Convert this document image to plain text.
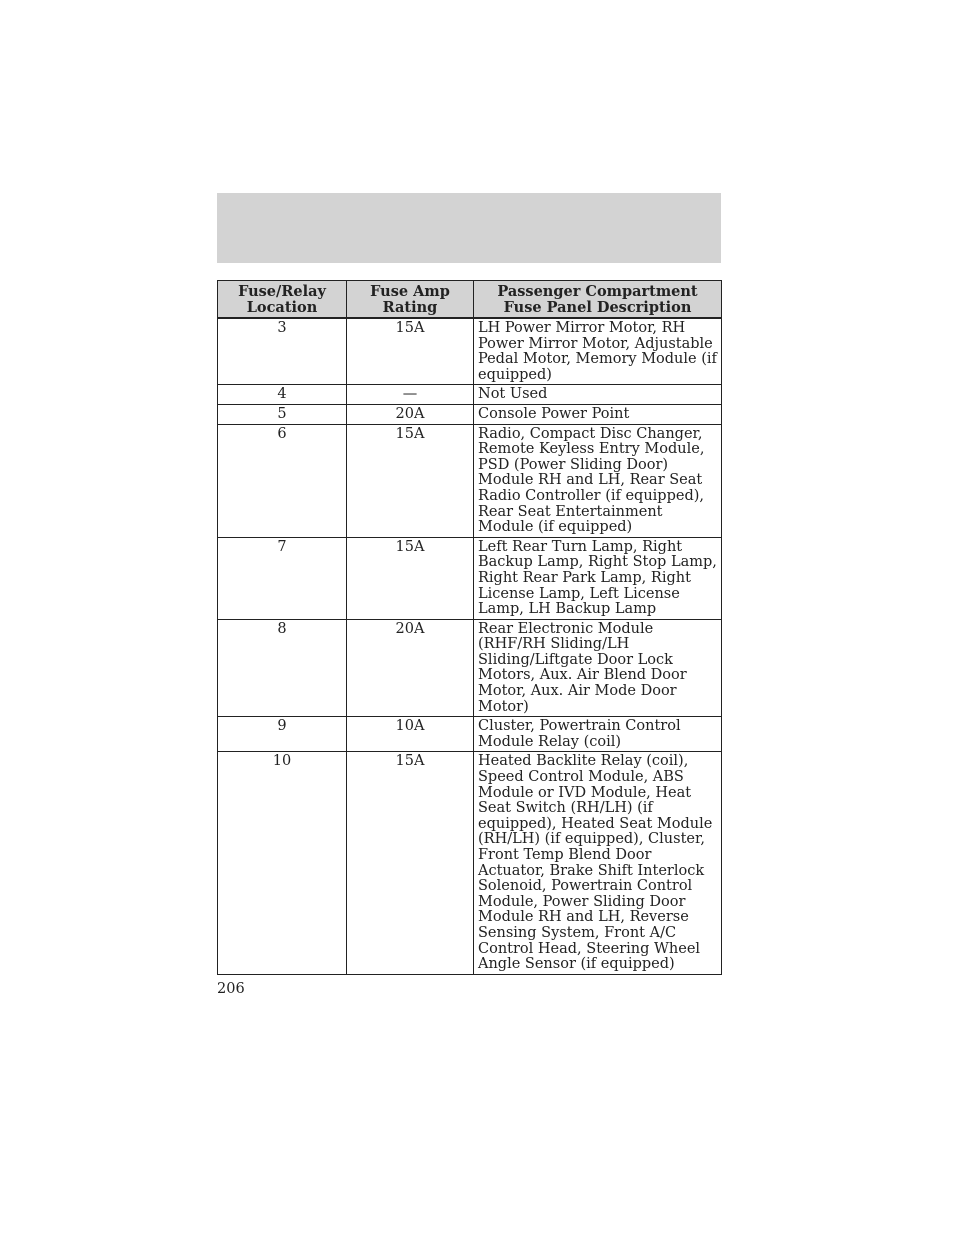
Fuse/Relay Location	Fuse Amp Rating	Passenger Compartment Fuse Panel Description
3	15A	LH Power Mirror Motor, RH Power Mirror Motor, Adjustable Pedal Motor, Memory Module (if equipped)
4	—	Not Used
5	20A	Console Power Point
6	15A	Radio, Compact Disc Changer, Remote Keyless Entry Module, PSD (Power Sliding Door) Module RH and LH, Rear Seat Radio Controller (if equipped), Rear Seat Entertainment Module (if equipped)
7	15A	Left Rear Turn Lamp, Right Backup Lamp, Right Stop Lamp, Right Rear Park Lamp, Right License Lamp, Left License Lamp, LH Backup Lamp
8	20A	Rear Electronic Module (RHF/RH Sliding/LH Sliding/Liftgate Door Lock Motors, Aux. Air Blend Door Motor, Aux. Air Mode Door Motor)
9	10A	Cluster, Powertrain Control Module Relay (coil)
10	15A	Heated Backlite Relay (coil), Speed Control Module, ABS Module or IVD Module, Heat Seat Switch (RH/LH) (if equipped), Heated Seat Module (RH/LH) (if equipped), Cluster, Front Temp Blend Door Actuator, Brake Shift Interlock Solenoid, Powertrain Control Module, Power Sliding Door Module RH and LH, Reverse Sensing System, Front A/C Control Head, Steering Wheel Angle Sensor (if equipped)
206
